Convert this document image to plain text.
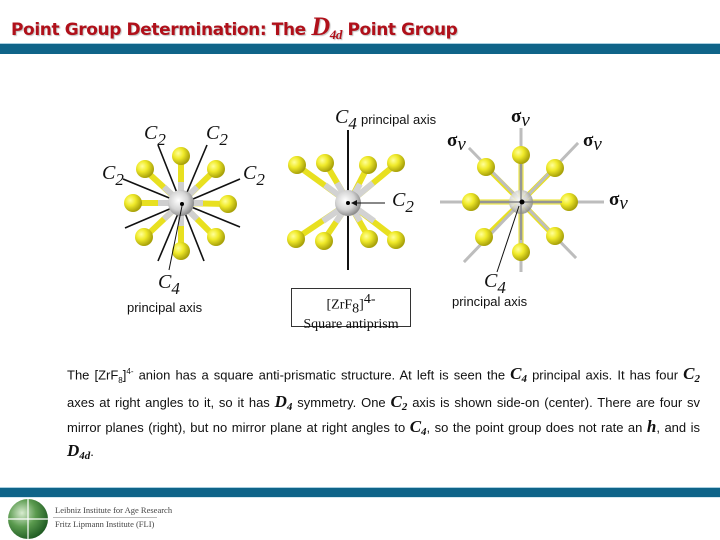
Point Group Determination: The D4d Point Group
$C_2$ $C_2$
$C_2$	$C_2$
$C_4$
principal axis
$C_4$ principal axis
$C_2$
$[ZrF_8]^{4-}$
Square antiprism
σv
σv	σv
σv
$C_4$
principal axis
The $[ZrF_8]^{4-}$ anion has a square anti-prismatic structure. At left is seen the C4 principal axis. It has four C2 axes at right angles to it, so it has D4 symmetry. One C2 axis is shown side-on (center). There are four sv mirror planes (right), but no mirror plane at right angles to C4, so the point group does not rate an h, and is D4d.
Leibniz Institute for Age Research
Fritz Lipmann Institute (FLI)
